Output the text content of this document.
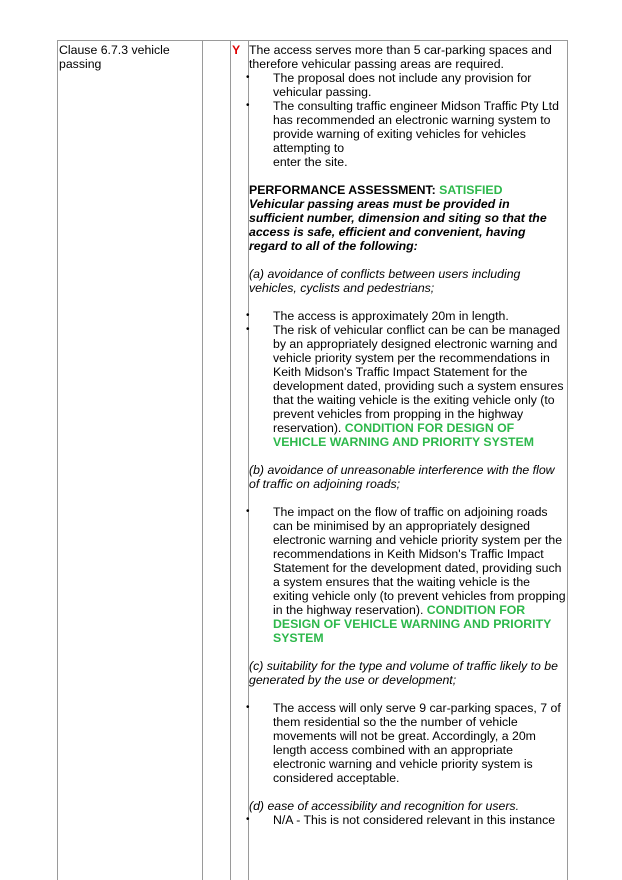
Clause 6.7.3 vehicle passing
Y The access serves more than 5 car-parking spaces and therefore vehicular passing areas are required.

• The proposal does not include any provision for vehicular passing.
• The consulting traffic engineer Midson Traffic Pty Ltd has recommended an electronic warning system to provide warning of exiting vehicles for vehicles attempting to
enter the site.

PERFORMANCE ASSESSMENT: SATISFIED

Vehicular passing areas must be provided in sufficient number, dimension and siting so that the access is safe, efficient and convenient, having regard to all of the following:

(a) avoidance of conflicts between users including vehicles, cyclists and pedestrians;

• The access is approximately 20m in length.
• The risk of vehicular conflict can be can be managed by an appropriately designed electronic warning and vehicle priority system per the recommendations in Keith Midson's Traffic Impact Statement for the development dated, providing such a system ensures that the waiting vehicle is the exiting vehicle only (to prevent vehicles from propping in the highway reservation). CONDITION FOR DESIGN OF VEHICLE WARNING AND PRIORITY SYSTEM

(b) avoidance of unreasonable interference with the flow of traffic on adjoining roads;

• The impact on the flow of traffic on adjoining roads can be minimised by an appropriately designed electronic warning and vehicle priority system per the recommendations in Keith Midson's Traffic Impact Statement for the development dated, providing such a system ensures that the waiting vehicle is the exiting vehicle only (to prevent vehicles from propping in the highway reservation). CONDITION FOR DESIGN OF VEHICLE WARNING AND PRIORITY SYSTEM

(c) suitability for the type and volume of traffic likely to be generated by the use or development;

• The access will only serve 9 car-parking spaces, 7 of them residential so the the number of vehicle movements will not be great. Accordingly, a 20m length access combined with an appropriate electronic warning and vehicle priority system is considered acceptable.

(d) ease of accessibility and recognition for users.

• N/A - This is not considered relevant in this instance
